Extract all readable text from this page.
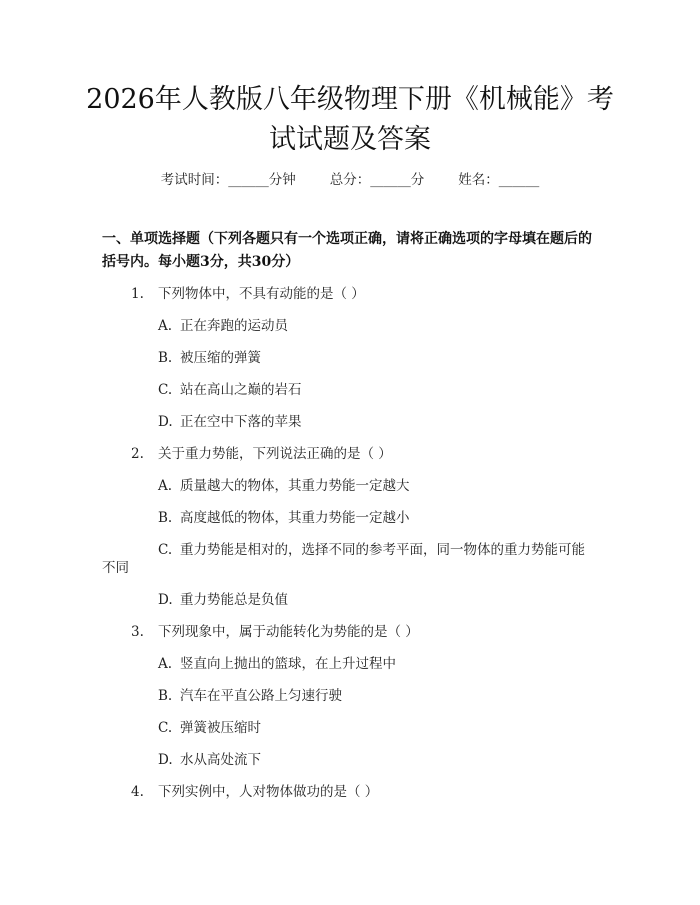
2026年人教版八年级物理下册《机械能》考
试试题及答案
考试时间：______分钟	总分：______分	姓名：______
一、单项选择题（下列各题只有一个选项正确，请将正确选项的字母填在题后的括号内。每小题3分，共30分）
1. 下列物体中，不具有动能的是（ ）
A. 正在奔跑的运动员
B. 被压缩的弹簧
C. 站在高山之巅的岩石
D. 正在空中下落的苹果
2. 关于重力势能，下列说法正确的是（ ）
A. 质量越大的物体，其重力势能一定越大
B. 高度越低的物体，其重力势能一定越小
C. 重力势能是相对的，选择不同的参考平面，同一物体的重力势能可能
不同
D. 重力势能总是负值
3. 下列现象中，属于动能转化为势能的是（ ）
A. 竖直向上抛出的篮球，在上升过程中
B. 汽车在平直公路上匀速行驶
C. 弹簧被压缩时
D. 水从高处流下
4. 下列实例中，人对物体做功的是（ ）
